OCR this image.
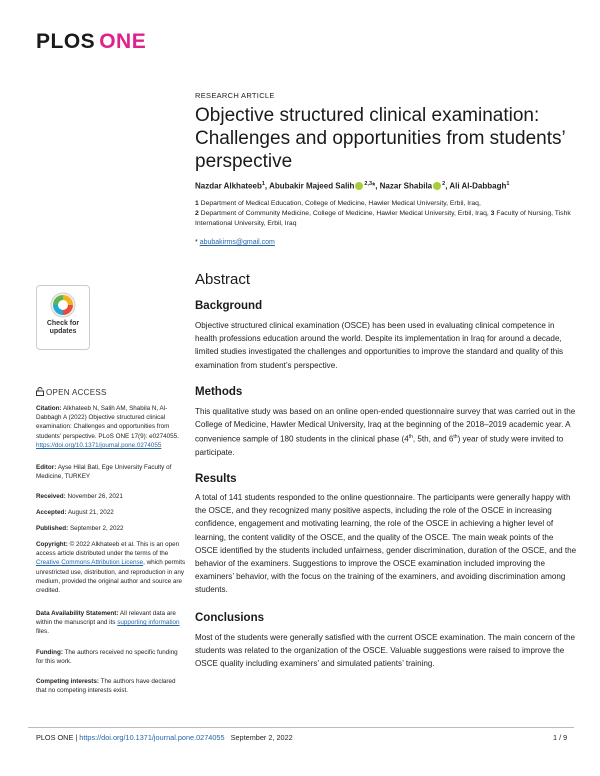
PLOS ONE
RESEARCH ARTICLE
Objective structured clinical examination: Challenges and opportunities from students’ perspective
Nazdar Alkhateeb$^1$, Abubakir Majeed Salih $^{2,3}$*, Nazar Shabila $^2$, Ali Al-Dabbagh$^1$
1 Department of Medical Education, College of Medicine, Hawler Medical University, Erbil, Iraq,
2 Department of Community Medicine, College of Medicine, Hawler Medical University, Erbil, Iraq, 3 Faculty of Nursing, Tishk International University, Erbil, Iraq
* abubakirms@gmail.com
Abstract
Background
Objective structured clinical examination (OSCE) has been used in evaluating clinical competence in health professions education around the world. Despite its implementation in Iraq for around a decade, limited studies investigated the challenges and opportunities to improve the standard and quality of this examination from student’s perspective.
Methods
This qualitative study was based on an online open-ended questionnaire survey that was carried out in the College of Medicine, Hawler Medical University, Iraq at the beginning of the 2018–2019 academic year. A convenience sample of 180 students in the clinical phase (4th, 5th, and 6th) year of study were invited to participate.
Results
A total of 141 students responded to the online questionnaire. The participants were generally happy with the OSCE, and they recognized many positive aspects, including the role of the OSCE in increasing confidence, engagement and motivating learning, the role of the OSCE in achieving a higher level of learning, the content validity of the OSCE, and the quality of the OSCE. The main weak points of the OSCE identified by the students included unfairness, gender discrimination, duration of the OSCE, and the behavior of the examiners. Suggestions to improve the OSCE examination included improving the examiners’ behavior, with the focus on the training of the examiners, and avoiding discrimination among students.
Conclusions
Most of the students were generally satisfied with the current OSCE examination. The main concern of the students was related to the organization of the OSCE. Valuable suggestions were raised to improve the OSCE quality including examiners’ and simulated patients’ training.
Check for
updates
OPEN ACCESS
Citation: Alkhateeb N, Salih AM, Shabila N, Al-Dabbagh A (2022) Objective structured clinical examination: Challenges and opportunities from students’ perspective. PLoS ONE 17(9): e0274055. https://doi.org/10.1371/journal.pone.0274055
Editor: Ayse Hilal Bati, Ege University Faculty of Medicine, TURKEY
Received: November 26, 2021
Accepted: August 21, 2022
Published: September 2, 2022
Copyright: © 2022 Alkhateeb et al. This is an open access article distributed under the terms of the Creative Commons Attribution License, which permits unrestricted use, distribution, and reproduction in any medium, provided the original author and source are credited.
Data Availability Statement: All relevant data are within the manuscript and its supporting information files.
Funding: The authors received no specific funding for this work.
Competing interests: The authors have declared that no competing interests exist.
PLOS ONE | https://doi.org/10.1371/journal.pone.0274055 September 2, 2022	1 / 9
